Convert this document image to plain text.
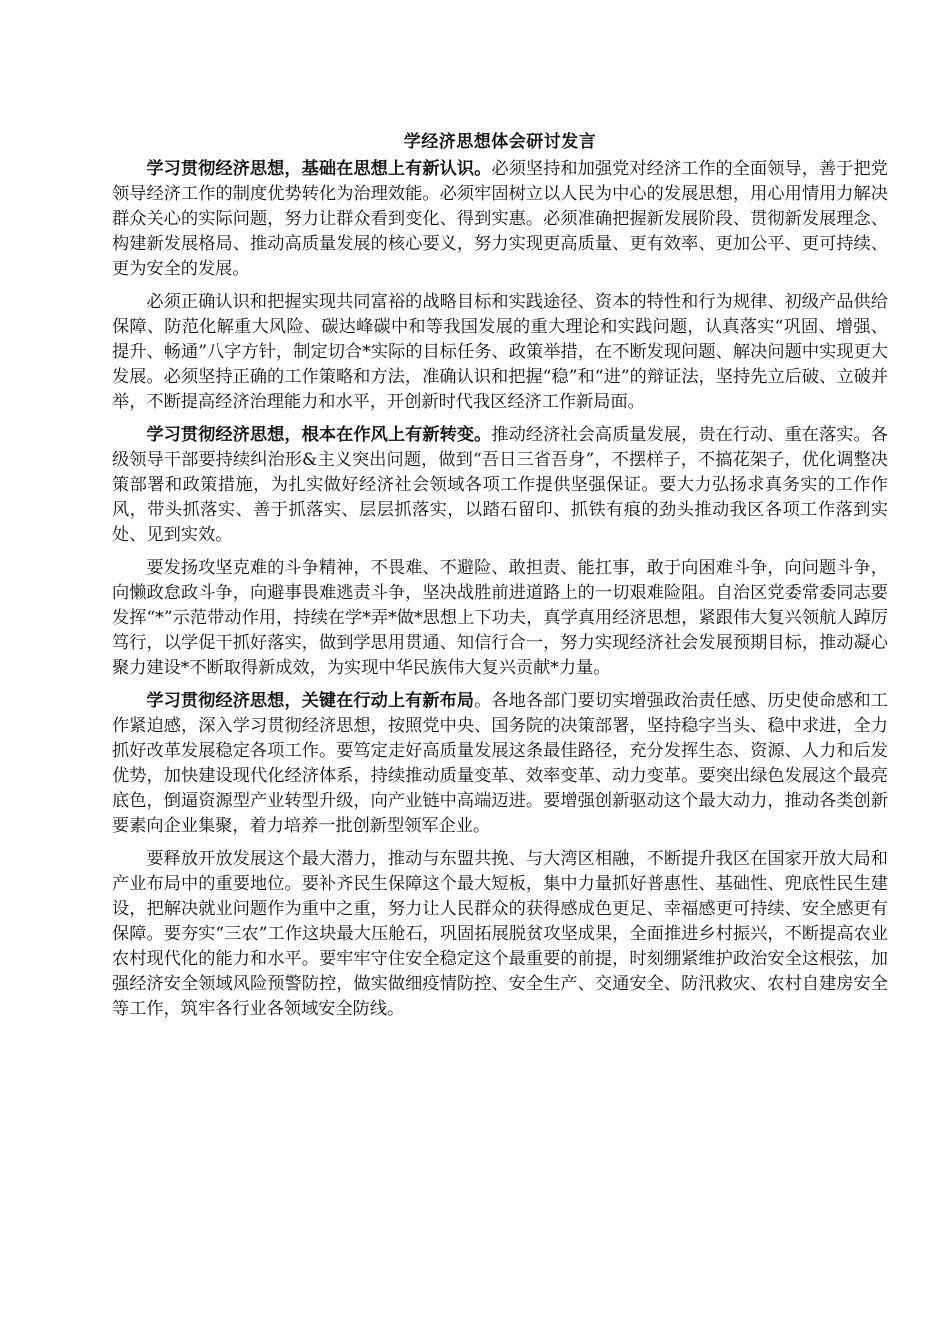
学经济思想体会研讨发言

学习贯彻经济思想，基础在思想上有新认识。必须坚持和加强党对经济工作的全面领导，善于把党领导经济工作的制度优势转化为治理效能。必须牢固树立以人民为中心的发展思想，用心用情用力解决群众关心的实际问题，努力让群众看到变化、得到实惠。必须准确把握新发展阶段、贯彻新发展理念、构建新发展格局、推动高质量发展的核心要义，努力实现更高质量、更有效率、更加公平、更可持续、更为安全的发展。

必须正确认识和把握实现共同富裕的战略目标和实践途径、资本的特性和行为规律、初级产品供给保障、防范化解重大风险、碳达峰碳中和等我国发展的重大理论和实践问题，认真落实“巩固、增强、提升、畅通”八字方针，制定切合*实际的目标任务、政策举措，在不断发现问题、解决问题中实现更大发展。必须坚持正确的工作策略和方法，准确认识和把握“稳”和“进”的辩证法，坚持先立后破、立破并举，不断提高经济治理能力和水平，开创新时代我区经济工作新局面。

学习贯彻经济思想，根本在作风上有新转变。推动经济社会高质量发展，贵在行动、重在落实。各级领导干部要持续纠治形&主义突出问题，做到“吾日三省吾身”，不摆样子，不搞花架子，优化调整决策部署和政策措施，为扎实做好经济社会领域各项工作提供坚强保证。要大力弘扬求真务实的工作作风，带头抓落实、善于抓落实、层层抓落实，以踏石留印、抓铁有痕的劲头推动我区各项工作落到实处、见到实效。

要发扬攻坚克难的斗争精神，不畏难、不避险、敢担责、能扛事，敢于向困难斗争，向问题斗争，向懒政怠政斗争，向避事畏难逃责斗争，坚决战胜前进道路上的一切艰难险阻。自治区党委常委同志要发挥“*”示范带动作用，持续在学*弄*做*思想上下功夫，真学真用经济思想，紧跟伟大复兴领航人踔厉笃行，以学促干抓好落实，做到学思用贯通、知信行合一，努力实现经济社会发展预期目标，推动凝心聚力建设*不断取得新成效，为实现中华民族伟大复兴贡献*力量。

学习贯彻经济思想，关键在行动上有新布局。各地各部门要切实增强政治责任感、历史使命感和工作紧迫感，深入学习贯彻经济思想，按照党中央、国务院的决策部署，坚持稳字当头、稳中求进，全力抓好改革发展稳定各项工作。要笃定走好高质量发展这条最佳路径，充分发挥生态、资源、人力和后发优势，加快建设现代化经济体系，持续推动质量变革、效率变革、动力变革。要突出绿色发展这个最亮底色，倒逼资源型产业转型升级，向产业链中高端迈进。要增强创新驱动这个最大动力，推动各类创新要素向企业集聚，着力培养一批创新型领军企业。

要释放开放发展这个最大潜力，推动与东盟共挽、与大湾区相融，不断提升我区在国家开放大局和产业布局中的重要地位。要补齐民生保障这个最大短板，集中力量抓好普惠性、基础性、兜底性民生建设，把解决就业问题作为重中之重，努力让人民群众的获得感成色更足、幸福感更可持续、安全感更有保障。要夯实“三农”工作这块最大压舱石，巩固拓展脱贫攻坚成果，全面推进乡村振兴，不断提高农业农村现代化的能力和水平。要牢牢守住安全稳定这个最重要的前提，时刻绷紧维护政治安全这根弦，加强经济安全领域风险预警防控，做实做细疫情防控、安全生产、交通安全、防汛救灾、农村自建房安全等工作，筑牢各行业各领域安全防线。
